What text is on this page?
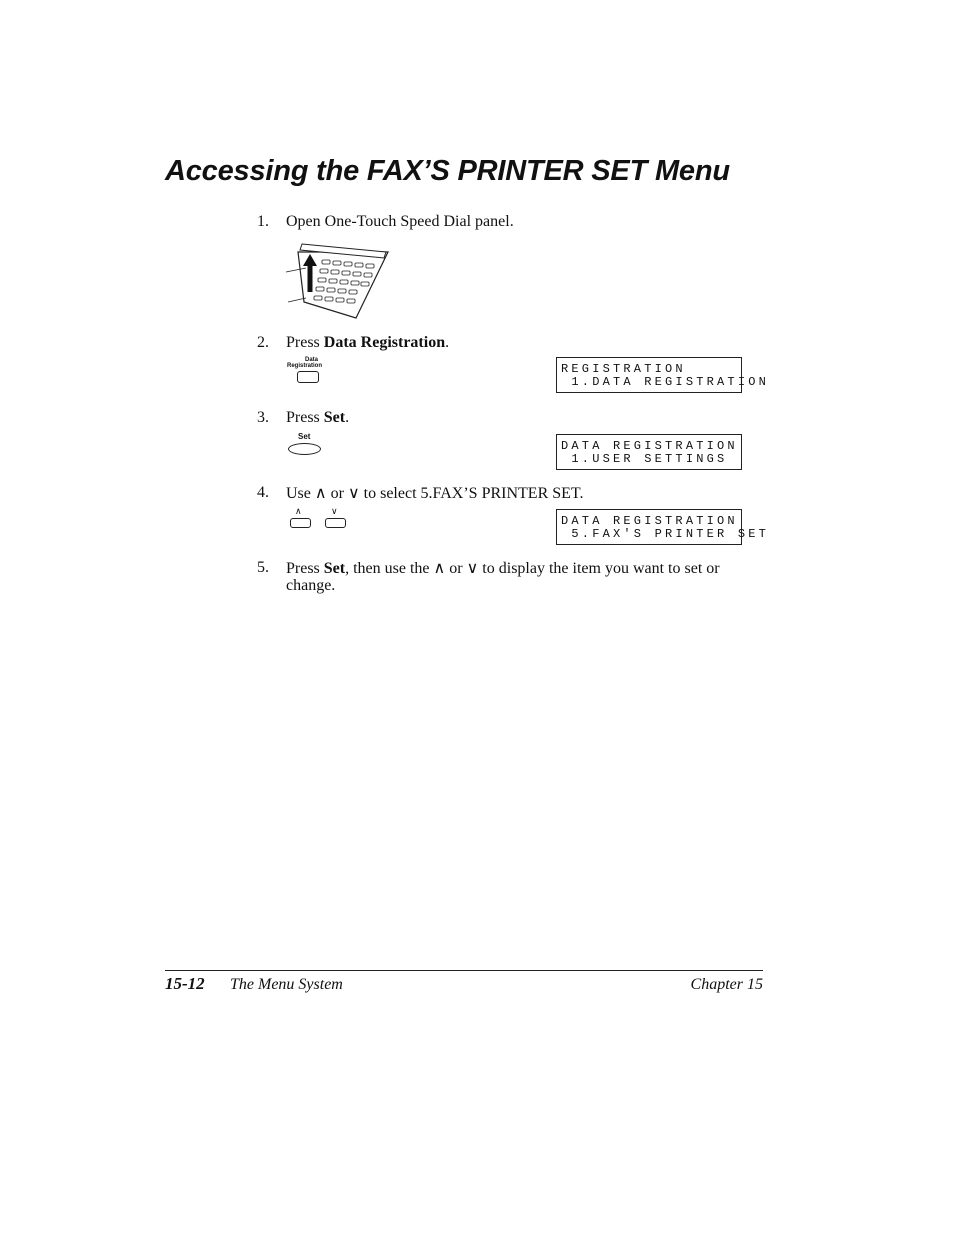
Accessing the FAX’S PRINTER SET Menu
1.	Open One-Touch Speed Dial panel.
2.	Press Data Registration.
Data
Registration	REGISTRATION
1.DATA REGISTRATION
3.	Press Set.
Set
DATA REGISTRATION
1.USER SETTINGS
4.	Use ∧ or ∨ to select 5.FAX’S PRINTER SET.
∧	∨
DATA REGISTRATION
5.FAX'S PRINTER SET
5.	Press Set, then use the ∧ or ∨ to display the item you want to set or change.
15-12 The Menu System	Chapter 15
